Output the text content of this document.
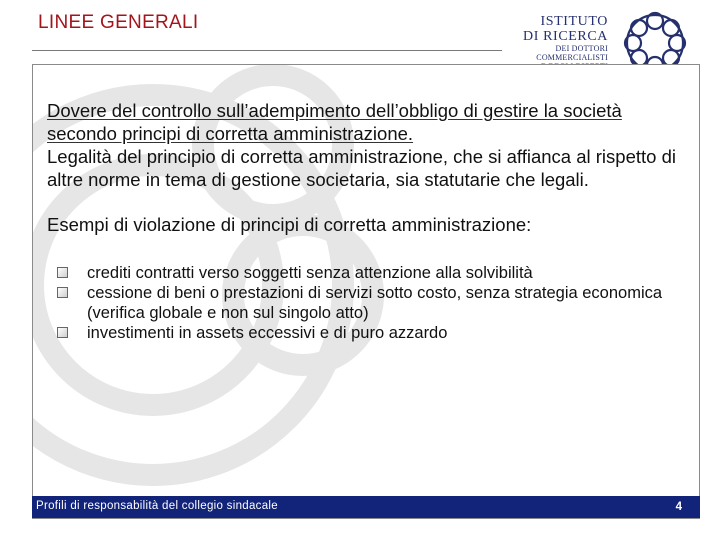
LINEE GENERALI	ISTITUTO
DI RICERCA
DEI DOTTORI COMMERCIALISTI

Dovere del controllo sull’adempimento dell’obbligo di gestire la società secondo principi di corretta amministrazione.

Legalità del principio di corretta amministrazione, che si affianca al rispetto di altre norme in tema di gestione societaria, sia statutarie che legali.

Esempi di violazione di principi di corretta amministrazione:

crediti contratti verso soggetti senza attenzione alla solvibilità
cessione di beni o prestazioni di servizi sotto costo, senza strategia economica (verifica globale e non sul singolo atto)
investimenti in assets eccessivi e di puro azzardo
Profili di responsabilità del collegio sindacale	4
